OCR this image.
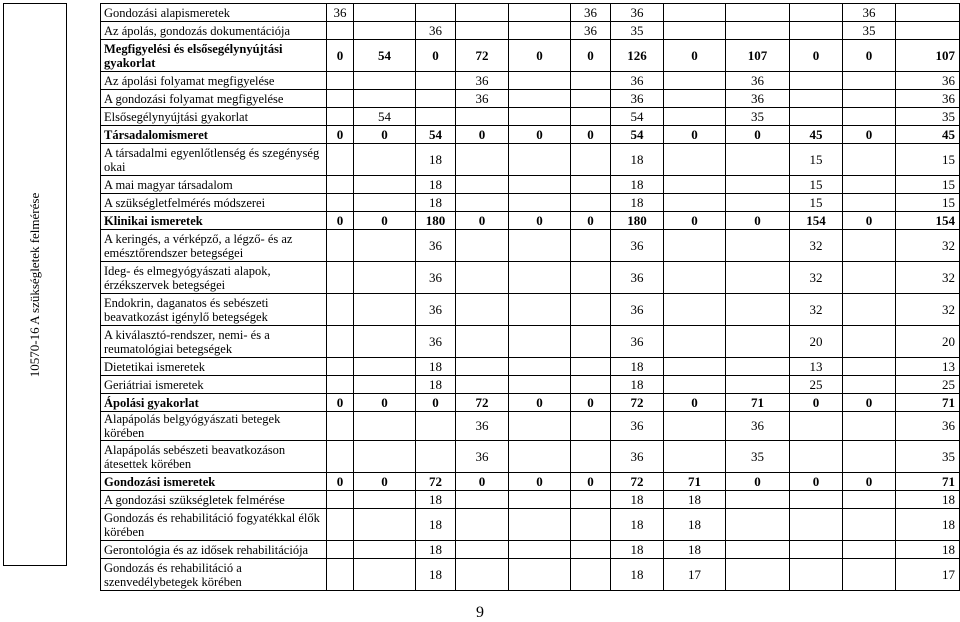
10570-16 A szükségletek felmérése
Gondozási alapismeretek	36					36	36				36	
Az ápolás, gondozás dokumentációja			36			36	35				35	
Megfigyelési és elsősegélynyújtási gyakorlat	0	54	0	72	0	0	126	0	107	0	0	107
Az ápolási folyamat megfigyelése				36			36		36			36
A gondozási folyamat megfigyelése				36			36		36			36
Elsősegélynyújtási gyakorlat		54					54		35			35
Társadalomismeret	0	0	54	0	0	0	54	0	0	45	0	45
A társadalmi egyenlőtlenség és szegénység okai			18				18			15		15
A mai magyar társadalom			18				18			15		15
A szükségletfelmérés módszerei			18				18			15		15
Klinikai ismeretek	0	0	180	0	0	0	180	0	0	154	0	154
A keringés, a vérképző, a légző- és az emésztőrendszer betegségei			36				36			32		32
Ideg- és elmegyógyászati alapok, érzékszervek betegségei			36				36			32		32
Endokrin, daganatos és sebészeti beavatkozást igénylő betegségek			36				36			32		32
A kiválasztó-rendszer, nemi- és a reumatológiai betegségek			36				36			20		20
Dietetikai ismeretek			18				18			13		13
Geriátriai ismeretek			18				18			25		25
Ápolási gyakorlat	0	0	0	72	0	0	72	0	71	0	0	71
Alapápolás belgyógyászati betegek körében				36			36		36			36
Alapápolás sebészeti beavatkozáson átesettek körében				36			36		35			35
Gondozási ismeretek	0	0	72	0	0	0	72	71	0	0	0	71
A gondozási szükségletek felmérése			18				18	18				18
Gondozás és rehabilitáció fogyatékkal élők körében			18				18	18				18
Gerontológia és az idősek rehabilitációja			18				18	18				18
Gondozás és rehabilitáció a szenvedélybetegek körében			18				18	17				17
9
